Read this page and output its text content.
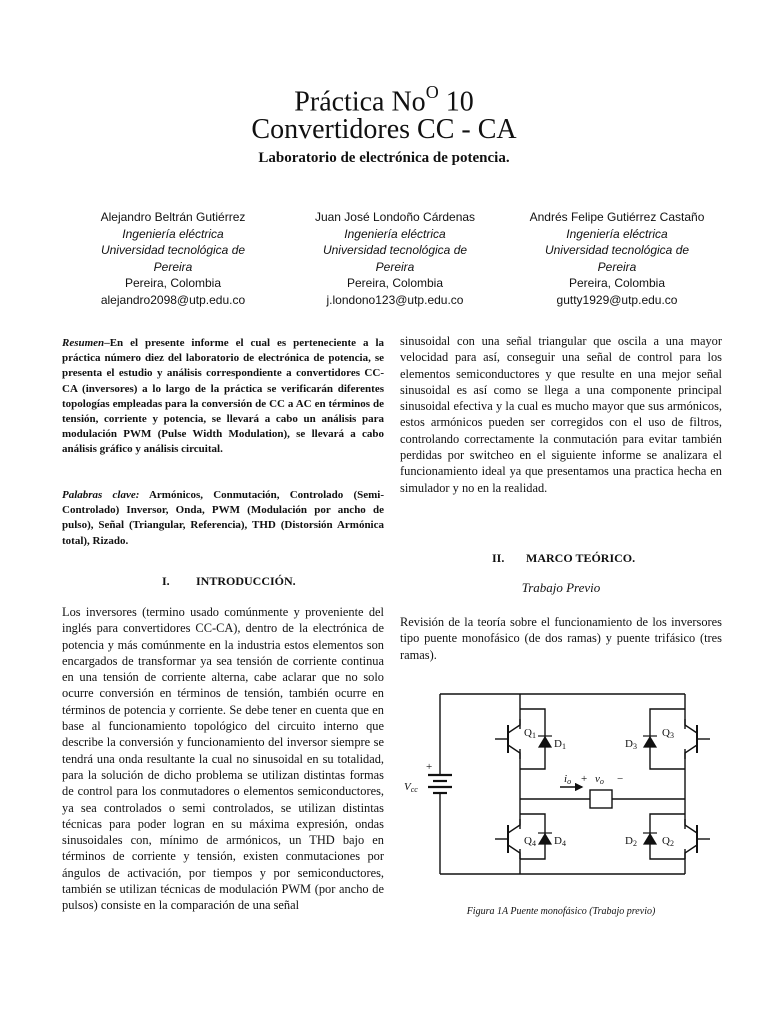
Práctica $No^O$ 10
Convertidores CC - CA
Laboratorio de electrónica de potencia.
Alejandro Beltrán Gutiérrez
Ingeniería eléctrica
Universidad tecnológica de
Pereira
Pereira, Colombia
alejandro2098@utp.edu.co
Juan José Londoño Cárdenas
Ingeniería eléctrica
Universidad tecnológica de
Pereira
Pereira, Colombia
j.londono123@utp.edu.co
Andrés Felipe Gutiérrez Castaño
Ingeniería eléctrica
Universidad tecnológica de
Pereira
Pereira, Colombia
gutty1929@utp.edu.co
Resumen–En el presente informe el cual es perteneciente a la práctica número diez del laboratorio de electrónica de potencia, se presenta el estudio y análisis correspondiente a convertidores CC-CA (inversores) a lo largo de la práctica se verificarán diferentes topologías empleadas para la conversión de CC a AC en términos de tensión, corriente y potencia, se llevará a cabo un análisis para modulación PWM (Pulse Width Modulation), se llevará a cabo análisis gráfico y análisis circuital.
Palabras clave: Armónicos, Conmutación, Controlado (Semi- Controlado) Inversor, Onda, PWM (Modulación por ancho de pulso), Señal (Triangular, Referencia), THD (Distorsión Armónica total), Rizado.
I. INTRODUCCIÓN.
Los inversores (termino usado comúnmente y proveniente del inglés para convertidores CC-CA), dentro de la electrónica de potencia y más comúnmente en la industria estos elementos son encargados de transformar ya sea tensión de corriente continua en una tensión de corriente alterna, cabe aclarar que no solo ocurre conversión en términos de tensión, también ocurre en términos de potencia y corriente. Se debe tener en cuenta que en base al funcionamiento topológico del circuito interno que describe la conversión y funcionamiento del inversor siempre se tendrá una onda resultante la cual no sinusoidal en su totalidad, para la solución de dicho problema se utilizan distintas formas de control para los conmutadores o elementos semiconductores, ya sea controlados o semi controlados, se utilizan distintas técnicas para poder logran en su máxima expresión, ondas sinusoidales con, mínimo de armónicos, un THD bajo en términos de corriente y tensión, existen conmutaciones por ángulos de activación, por tiempos y por semiconductores, también se utilizan técnicas de modulación PWM (por ancho de pulsos) consiste en la comparación de una señal
sinusoidal con una señal triangular que oscila a una mayor velocidad para así, conseguir una señal de control para los elementos semiconductores y que resulte en una mejor señal sinusoidal es así como se llega a una componente principal sinusoidal efectiva y la cual es mucho mayor que sus armónicos, estos armónicos pueden ser corregidos con el uso de filtros, controlando correctamente la conmutación para evitar también perdidas por switcheo en el siguiente informe se analizara el funcionamiento ideal ya que presentamos una practica hecha en simulador y no en la realidad.
II. MARCO TEÓRICO.
Trabajo Previo
Revisión de la teoría sobre el funcionamiento de los inversores tipo puente monofásico (de dos ramas) y puente trifásico (tres ramas).
Q1
D1	D3
Q3
Q4 D4	D2 Q2
Vcc
+
io + vo −
Figura 1A Puente monofásico (Trabajo previo)
